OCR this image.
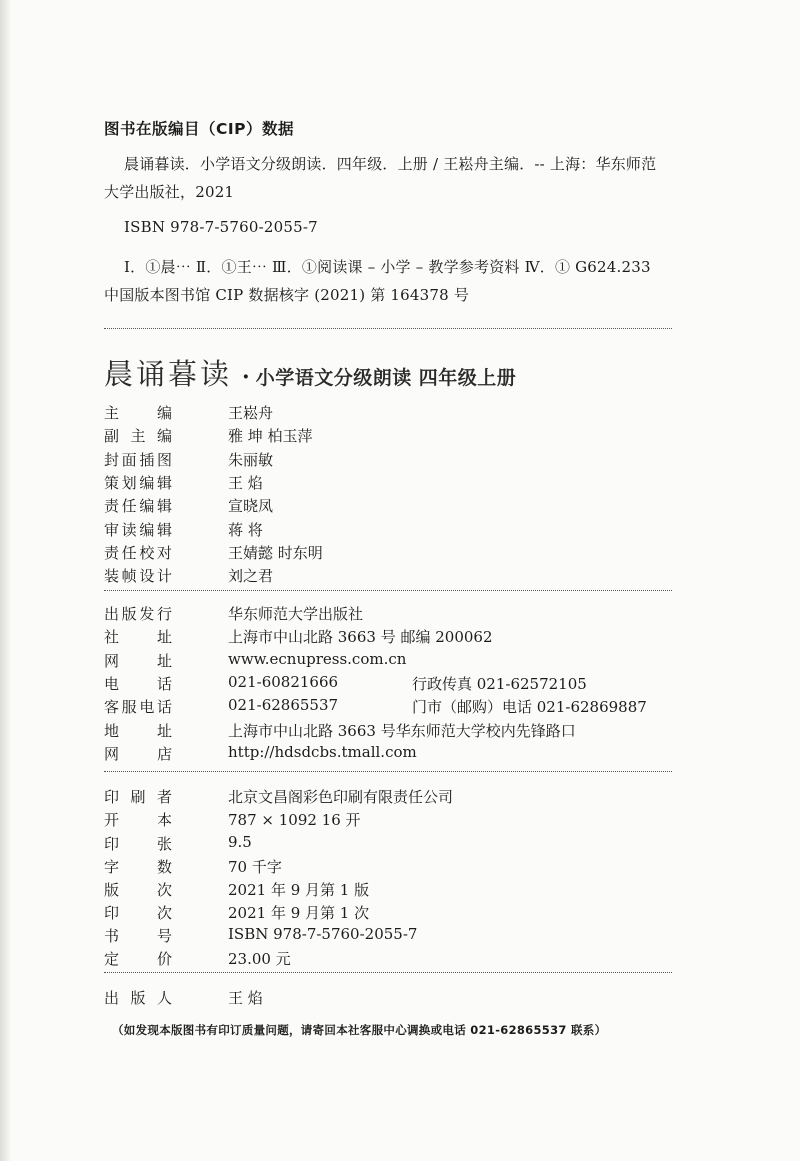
图书在版编目（CIP）数据

晨诵暮读．小学语文分级朗读．四年级．上册 / 王崧舟主编．-- 上海：华东师范

大学出版社，2021

ISBN 978-7-5760-2055-7

Ⅰ．①晨⋯ Ⅱ．①王⋯ Ⅲ．①阅读课 – 小学 – 教学参考资料 Ⅳ．① G624.233

中国版本图书馆 CIP 数据核字 (2021) 第 164378 号

晨诵暮读 · 小学语文分级朗读 四年级上册
主编	王崧舟
副主编	雅 坤 柏玉萍
封面插图	朱丽敏
策划编辑	王 焰
责任编辑	宣晓凤
审读编辑	蒋 将
责任校对	王婧懿 时东明
装帧设计	刘之君
出版发行	华东师范大学出版社
社址	上海市中山北路 3663 号 邮编 200062
网址	www.ecnupress.com.cn
电话	021-60821666	行政传真 021-62572105
客服电话	021-62865537	门市（邮购）电话 021-62869887
地址	上海市中山北路 3663 号华东师范大学校内先锋路口
网店	http://hdsdcbs.tmall.com
印刷者	北京文昌阁彩色印刷有限责任公司
开本	787 × 1092 16 开
印张	9.5
字数	70 千字
版次	2021 年 9 月第 1 版
印次	2021 年 9 月第 1 次
书号	ISBN 978-7-5760-2055-7
定价	23.00 元
出版人	王 焰

（如发现本版图书有印订质量问题，请寄回本社客服中心调换或电话 021-62865537 联系）
